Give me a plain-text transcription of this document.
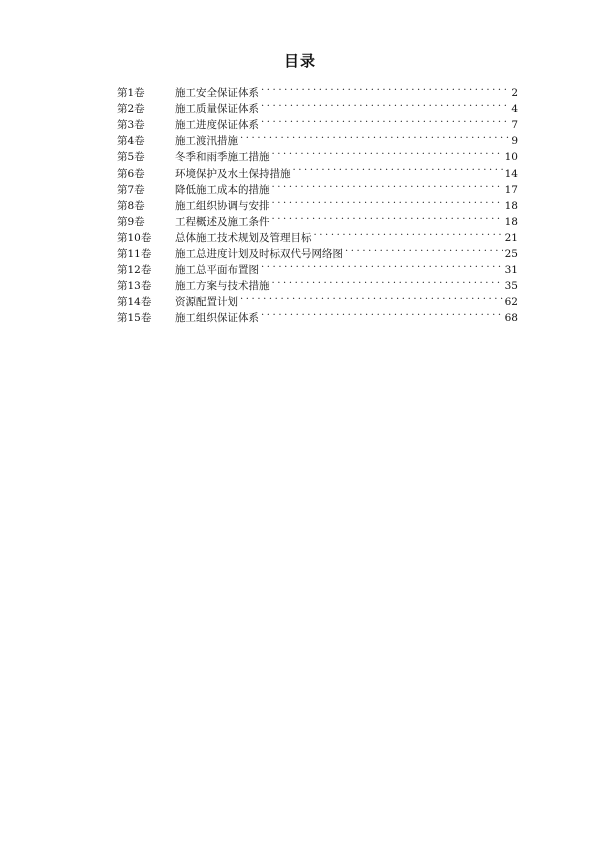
目录
第1卷	施工安全保证体系 .....	2
第2卷	施工质量保证体系 .....	4
第3卷	施工进度保证体系 .....	7
第4卷	施工渡汛措施 .....	9
第5卷	冬季和雨季施工措施 .....	10
第6卷	环境保护及水土保持措施 .....	14
第7卷	降低施工成本的措施 .....	17
第8卷	施工组织协调与安排 .....	18
第9卷	工程概述及施工条件 .....	18
第10卷	总体施工技术规划及管理目标 .....	21
第11卷	施工总进度计划及时标双代号网络图 .....	25
第12卷	施工总平面布置图 .....	31
第13卷	施工方案与技术措施 .....	35
第14卷	资源配置计划 .....	62
第15卷	施工组织保证体系 .....	68
